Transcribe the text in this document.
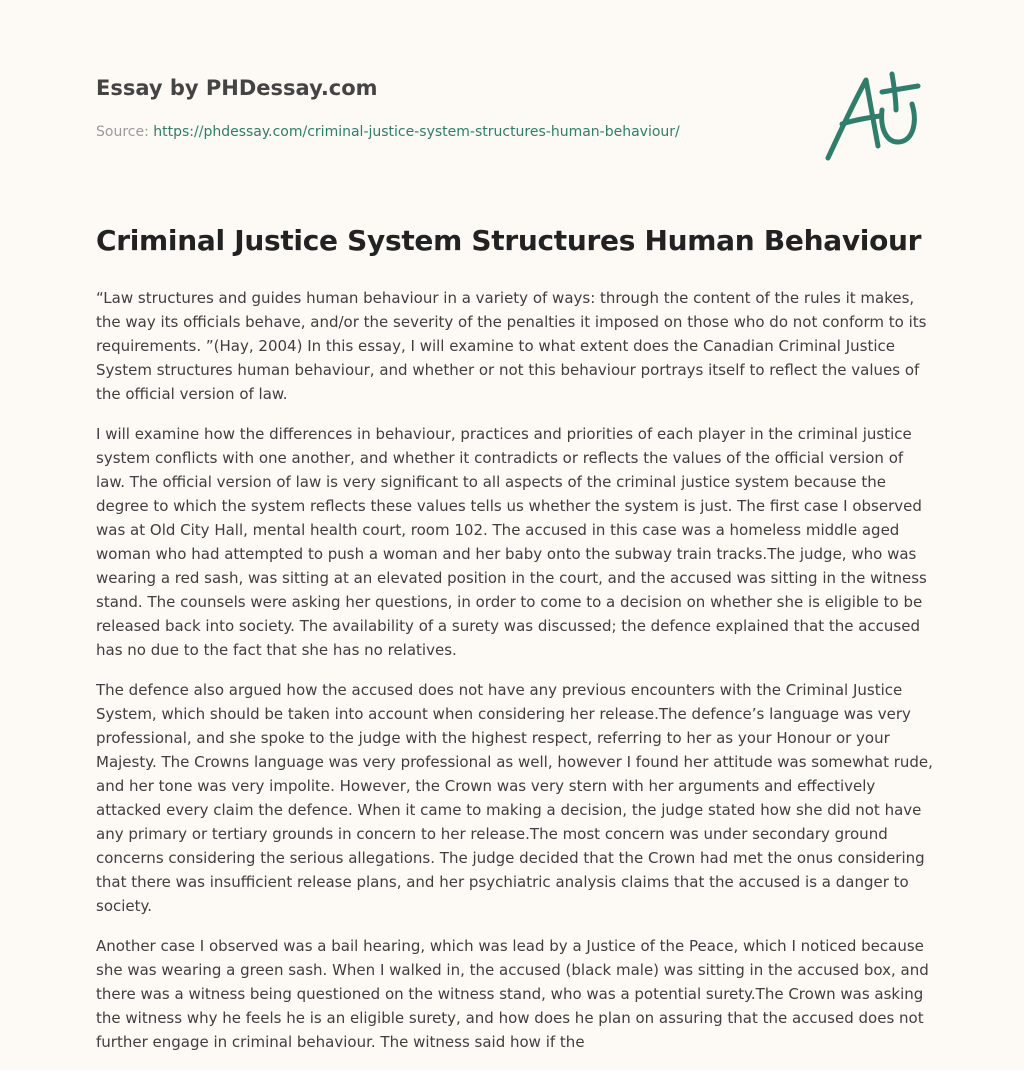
Essay by PHDessay.com
Source: https://phdessay.com/criminal-justice-system-structures-human-behaviour/
Criminal Justice System Structures Human Behaviour

“Law structures and guides human behaviour in a variety of ways: through the content of the rules it makes, the way its officials behave, and/or the severity of the penalties it imposed on those who do not conform to its requirements. ”(Hay, 2004) In this essay, I will examine to what extent does the Canadian Criminal Justice System structures human behaviour, and whether or not this behaviour portrays itself to reflect the values of the official version of law.

I will examine how the differences in behaviour, practices and priorities of each player in the criminal justice system conflicts with one another, and whether it contradicts or reflects the values of the official version of law. The official version of law is very significant to all aspects of the criminal justice system because the degree to which the system reflects these values tells us whether the system is just. The first case I observed was at Old City Hall, mental health court, room 102. The accused in this case was a homeless middle aged woman who had attempted to push a woman and her baby onto the subway train tracks.The judge, who was wearing a red sash, was sitting at an elevated position in the court, and the accused was sitting in the witness stand. The counsels were asking her questions, in order to come to a decision on whether she is eligible to be released back into society. The availability of a surety was discussed; the defence explained that the accused has no due to the fact that she has no relatives.

The defence also argued how the accused does not have any previous encounters with the Criminal Justice System, which should be taken into account when considering her release.The defence’s language was very professional, and she spoke to the judge with the highest respect, referring to her as your Honour or your Majesty. The Crowns language was very professional as well, however I found her attitude was somewhat rude, and her tone was very impolite. However, the Crown was very stern with her arguments and effectively attacked every claim the defence. When it came to making a decision, the judge stated how she did not have any primary or tertiary grounds in concern to her release.The most concern was under secondary ground concerns considering the serious allegations. The judge decided that the Crown had met the onus considering that there was insufficient release plans, and her psychiatric analysis claims that the accused is a danger to society.

Another case I observed was a bail hearing, which was lead by a Justice of the Peace, which I noticed because she was wearing a green sash. When I walked in, the accused (black male) was sitting in the accused box, and there was a witness being questioned on the witness stand, who was a potential surety.The Crown was asking the witness why he feels he is an eligible surety, and how does he plan on assuring that the accused does not further engage in criminal behaviour. The witness said how if the
